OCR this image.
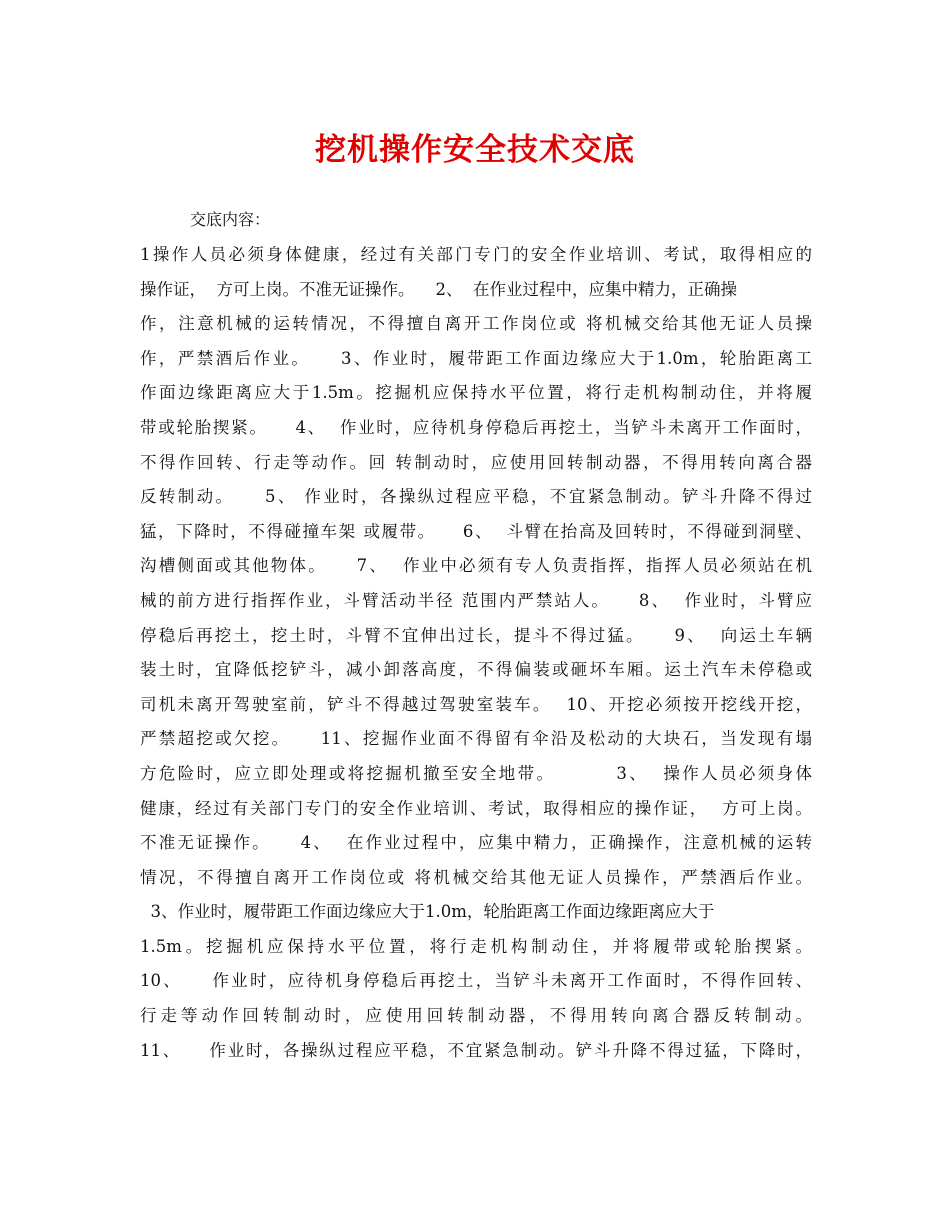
挖机操作安全技术交底
交底内容：
1操作人员必须身体健康，经过有关部门专门的安全作业培训、考试，取得相应的
操作证，  方可上岗。不准无证操作。    2、  在作业过程中，应集中精力，正确操
作，注意机械的运转情况，不得擅自离开工作岗位或 将机械交给其他无证人员操
作，严禁酒后作业。    3、作业时，履带距工作面边缘应大于1.0m，轮胎距离工
作面边缘距离应大于1.5m。挖掘机应保持水平位置，将行走机构制动住，并将履
带或轮胎揳紧。    4、  作业时，应待机身停稳后再挖土，当铲斗未离开工作面时，
不得作回转、行走等动作。回 转制动时，应使用回转制动器，不得用转向离合器
反转制动。    5、 作业时，各操纵过程应平稳，不宜紧急制动。铲斗升降不得过
猛，下降时，不得碰撞车架 或履带。    6、  斗臂在抬高及回转时，不得碰到洞壁、
沟槽侧面或其他物体。    7、  作业中必须有专人负责指挥，指挥人员必须站在机
械的前方进行指挥作业，斗臂活动半径 范围内严禁站人。    8、  作业时，斗臂应
停稳后再挖土，挖土时，斗臂不宜伸出过长，提斗不得过猛。    9、  向运土车辆
装土时，宜降低挖铲斗，减小卸落高度，不得偏装或砸坏车厢。运土汽车未停稳或
司机未离开驾驶室前，铲斗不得越过驾驶室装车。  10、开挖必须按开挖线开挖，
严禁超挖或欠挖。    11、挖掘作业面不得留有伞沿及松动的大块石，当发现有塌
方危险时，应立即处理或将挖掘机撤至安全地带。        3、  操作人员必须身体
健康，经过有关部门专门的安全作业培训、考试，取得相应的操作证，  方可上岗。
不准无证操作。    4、  在作业过程中，应集中精力，正确操作，注意机械的运转
情况，不得擅自离开工作岗位或 将机械交给其他无证人员操作，严禁酒后作业。
3、作业时，履带距工作面边缘应大于1.0m，轮胎距离工作面边缘距离应大于
1.5m。挖掘机应保持水平位置，将行走机构制动住，并将履带或轮胎揳紧。
10、    作业时，应待机身停稳后再挖土，当铲斗未离开工作面时，不得作回转、
行走等动作回转制动时，应使用回转制动器，不得用转向离合器反转制动。
11、    作业时，各操纵过程应平稳，不宜紧急制动。铲斗升降不得过猛，下降时，
